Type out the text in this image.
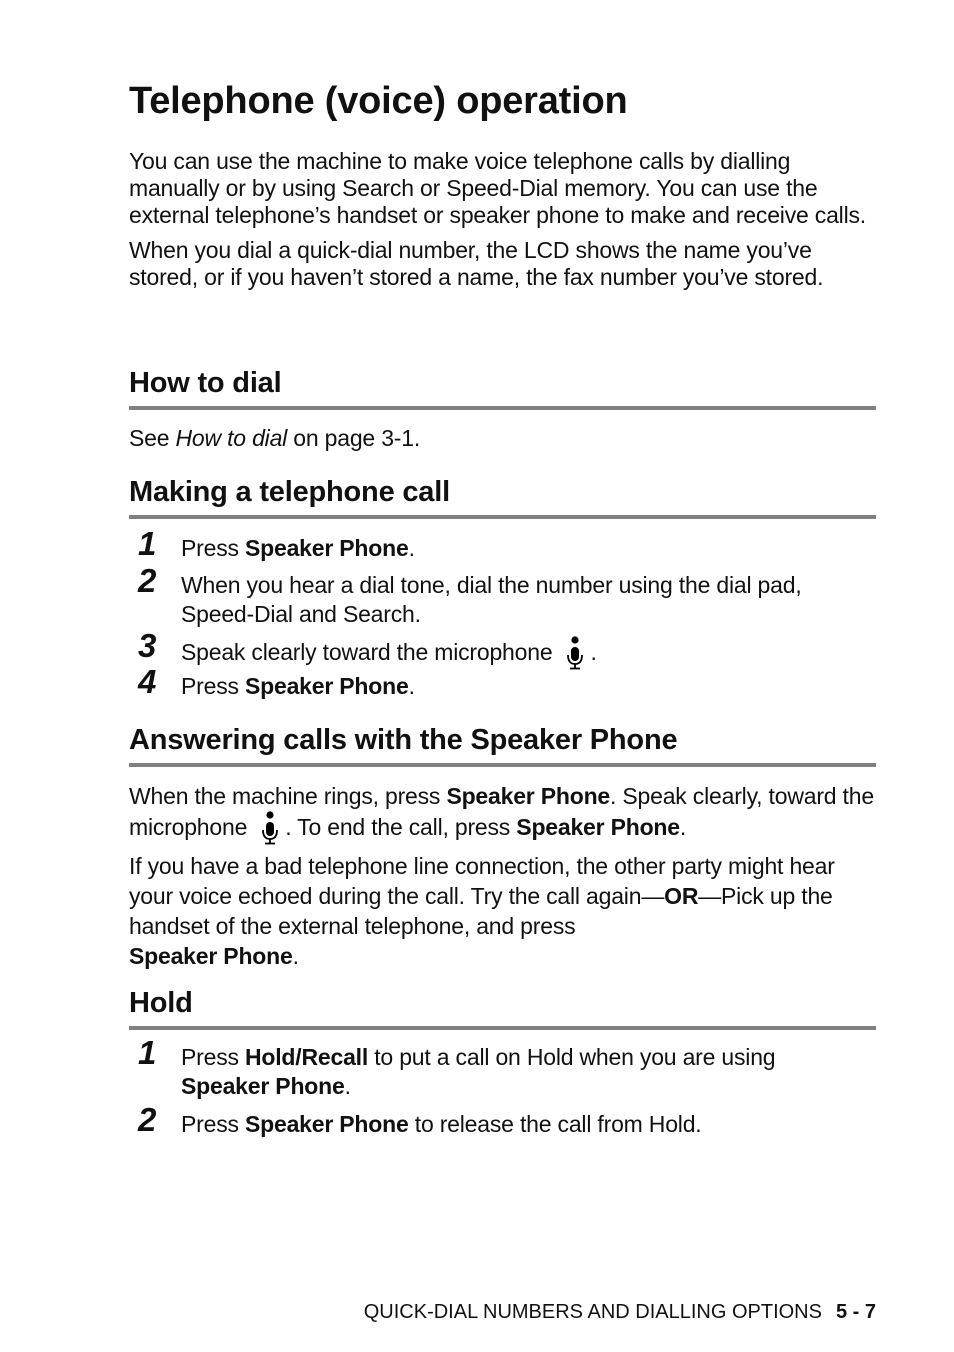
Telephone (voice) operation

You can use the machine to make voice telephone calls by dialling manually or by using Search or Speed-Dial memory. You can use the external telephone’s handset or speaker phone to make and receive calls.

When you dial a quick-dial number, the LCD shows the name you’ve stored, or if you haven’t stored a name, the fax number you’ve stored.

How to dial

See How to dial on page 3-1.

Making a telephone call
1 Press Speaker Phone.
2 When you hear a dial tone, dial the number using the dial pad, Speed-Dial and Search.
3 Speak clearly toward the microphone .
4 Press Speaker Phone.
Answering calls with the Speaker Phone

When the machine rings, press Speaker Phone. Speak clearly, toward the microphone . To end the call, press Speaker Phone.

If you have a bad telephone line connection, the other party might hear your voice echoed during the call. Try the call again—OR—Pick up the handset of the external telephone, and press
Speaker Phone.

Hold
1 Press Hold/Recall to put a call on Hold when you are using
Speaker Phone.
2 Press Speaker Phone to release the call from Hold.
QUICK-DIAL NUMBERS AND DIALLING OPTIONS 5 - 7
